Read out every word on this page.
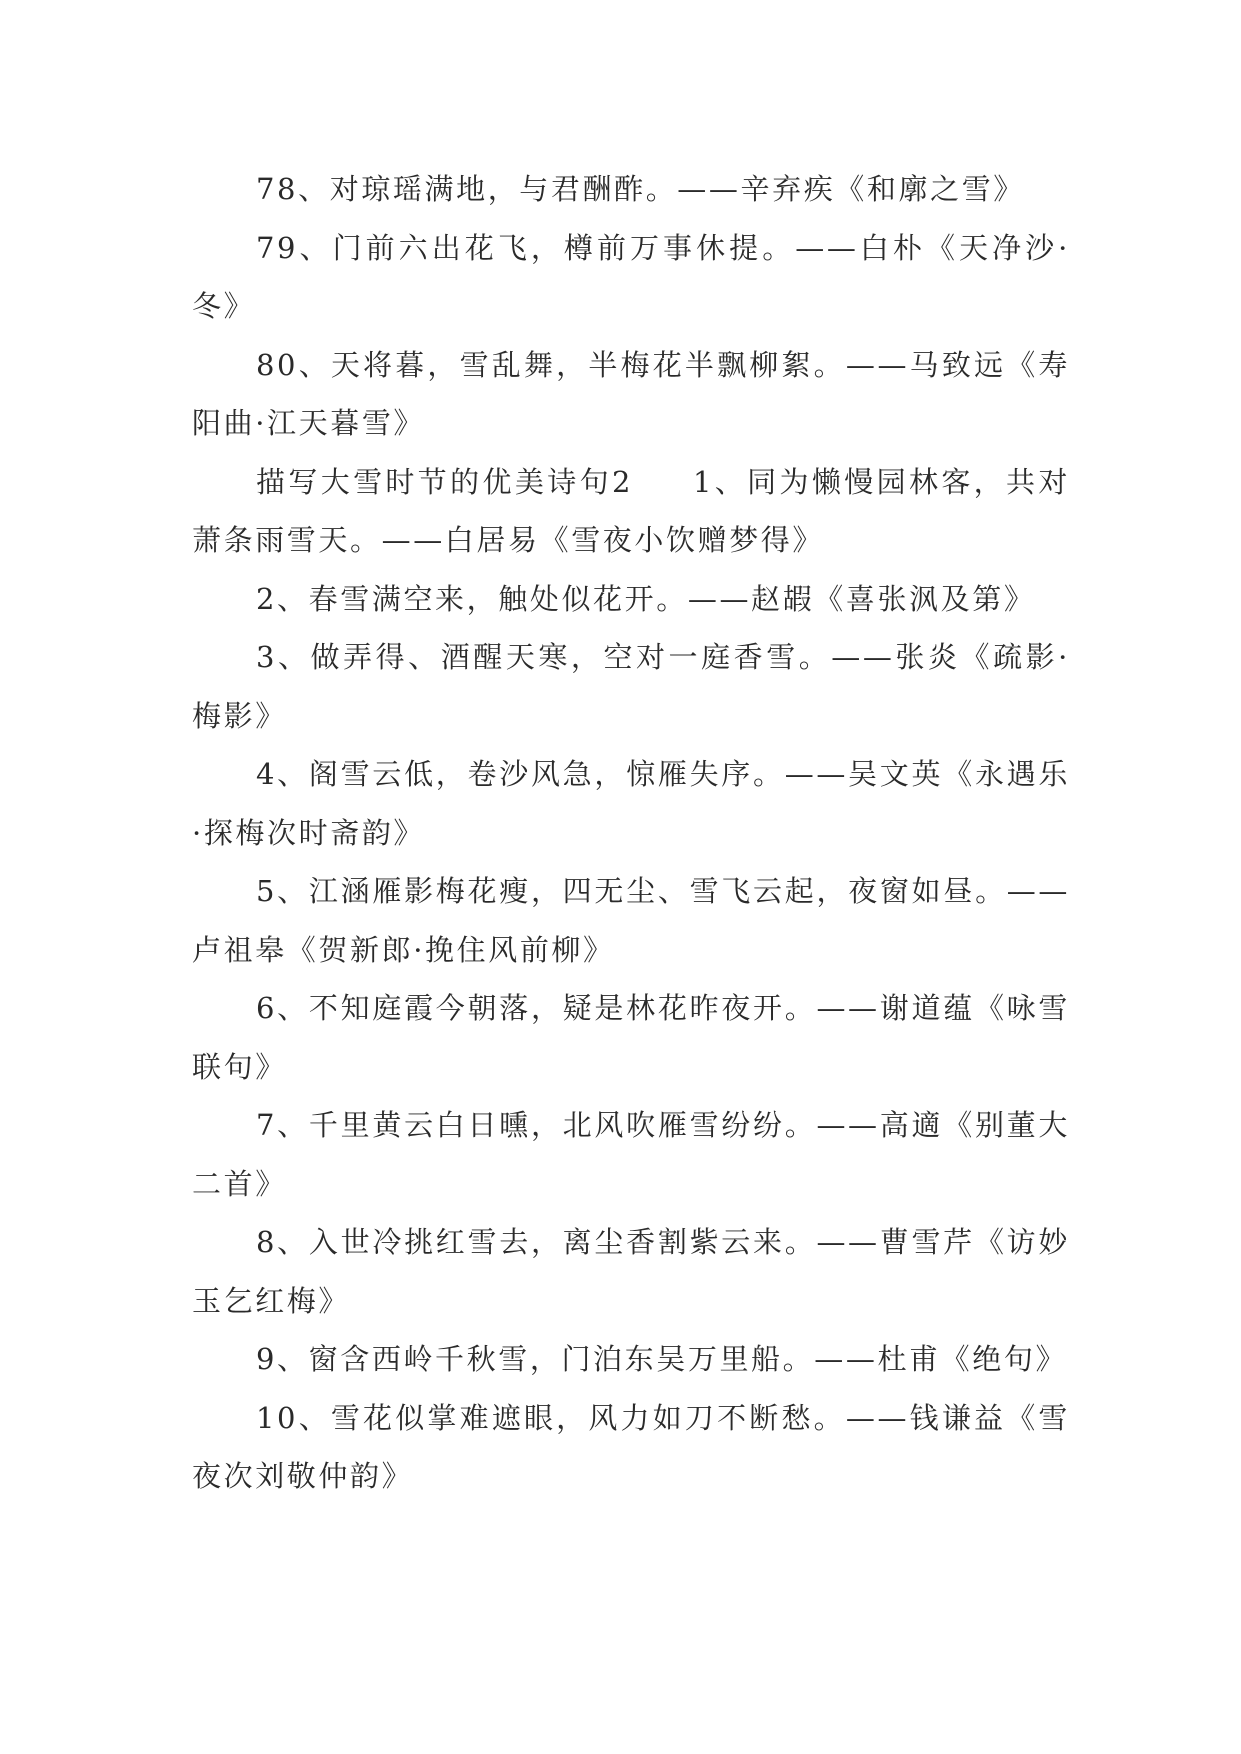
78、对琼瑶满地，与君酬酢。——辛弃疾《和廓之雪》

79、门前六出花飞，樽前万事休提。——白朴《天净沙·冬》

80、天将暮，雪乱舞，半梅花半飘柳絮。——马致远《寿阳曲·江天暮雪》

描写大雪时节的优美诗句2 1、同为懒慢园林客，共对萧条雨雪天。——白居易《雪夜小饮赠梦得》

2、春雪满空来，触处似花开。——赵嘏《喜张沨及第》

3、做弄得、酒醒天寒，空对一庭香雪。——张炎《疏影·梅影》

4、阁雪云低，卷沙风急，惊雁失序。——吴文英《永遇乐·探梅次时斋韵》

5、江涵雁影梅花瘦，四无尘、雪飞云起，夜窗如昼。——卢祖皋《贺新郎·挽住风前柳》

6、不知庭霞今朝落，疑是林花昨夜开。——谢道蕴《咏雪联句》

7、千里黄云白日曛，北风吹雁雪纷纷。——高適《别董大二首》

8、入世冷挑红雪去，离尘香割紫云来。——曹雪芹《访妙玉乞红梅》

9、窗含西岭千秋雪，门泊东吴万里船。——杜甫《绝句》

10、雪花似掌难遮眼，风力如刀不断愁。——钱谦益《雪夜次刘敬仲韵》
